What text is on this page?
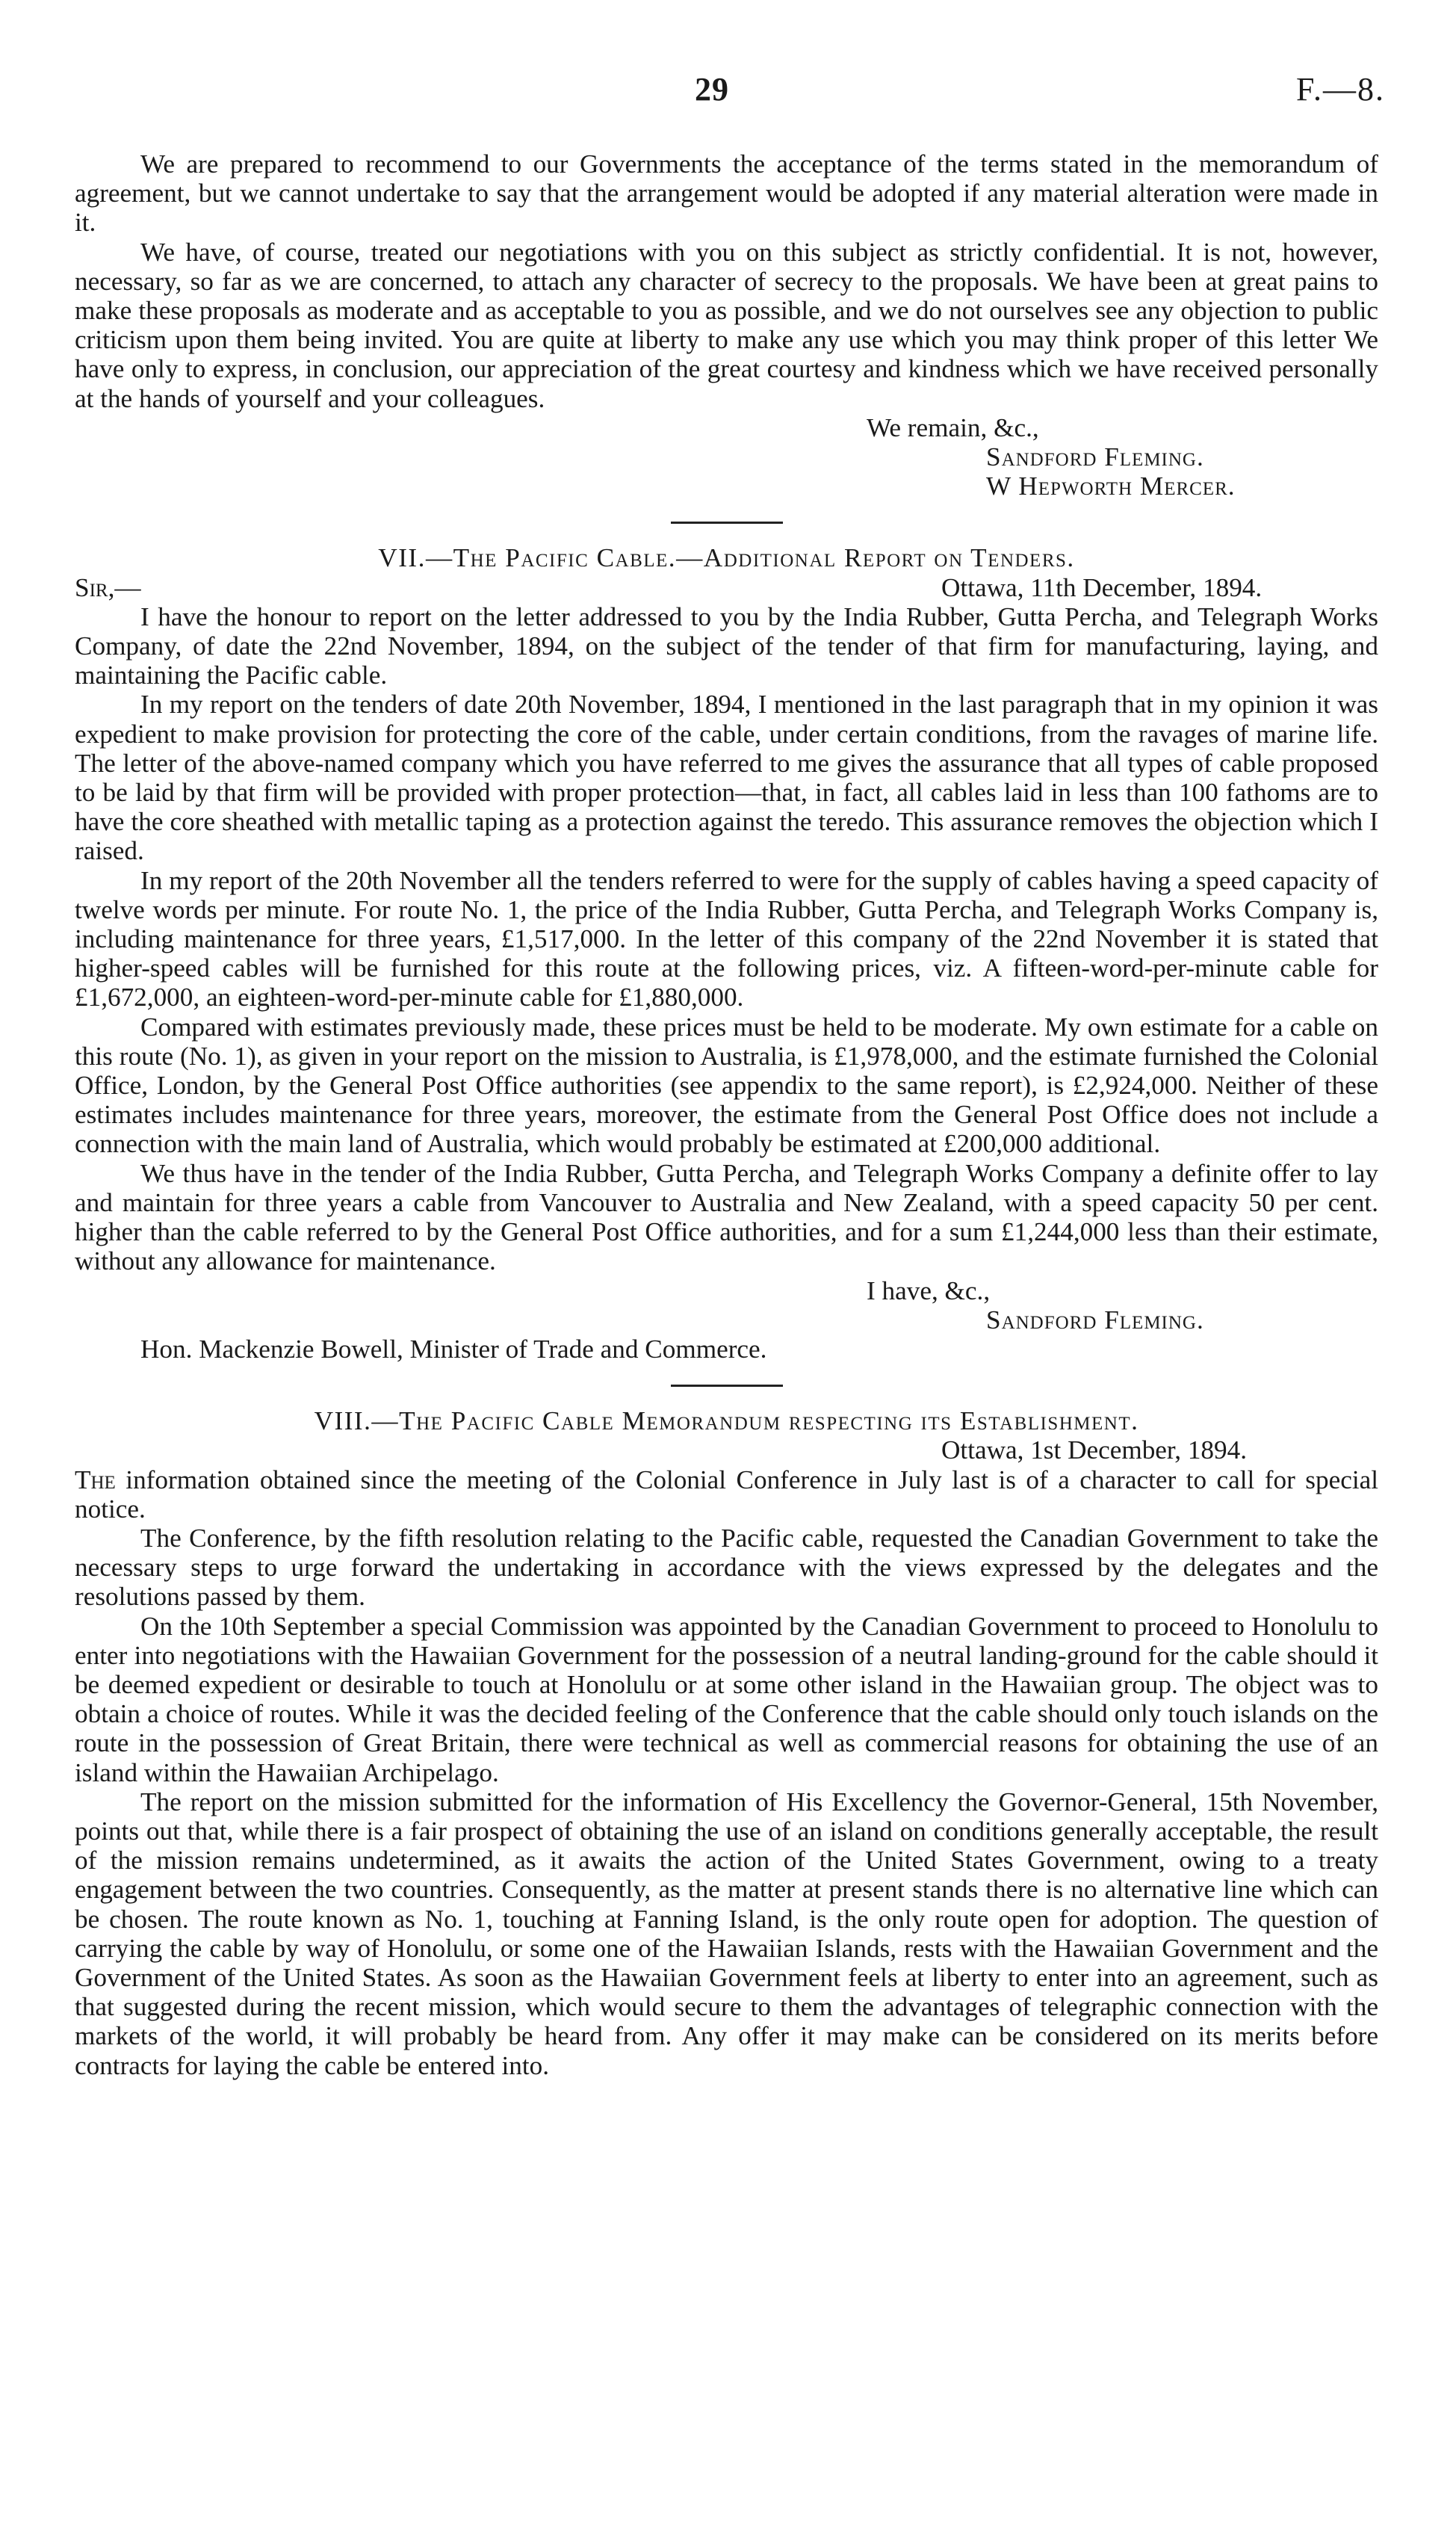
29	F.—8.

We are prepared to recommend to our Governments the acceptance of the terms stated in the memorandum of agreement, but we cannot undertake to say that the arrangement would be adopted if any material alteration were made in it.

We have, of course, treated our negotiations with you on this subject as strictly confidential. It is not, however, necessary, so far as we are concerned, to attach any character of secrecy to the proposals. We have been at great pains to make these proposals as moderate and as acceptable to you as possible, and we do not ourselves see any objection to public criticism upon them being invited. You are quite at liberty to make any use which you may think proper of this letter We have only to express, in conclusion, our appreciation of the great courtesy and kindness which we have received personally at the hands of yourself and your colleagues.

We remain, &c.,

Sandford Fleming.

W Hepworth Mercer.

VII.—The Pacific Cable.—Additional Report on Tenders.

Sir,—	Ottawa, 11th December, 1894.

I have the honour to report on the letter addressed to you by the India Rubber, Gutta Percha, and Telegraph Works Company, of date the 22nd November, 1894, on the subject of the tender of that firm for manufacturing, laying, and maintaining the Pacific cable.

In my report on the tenders of date 20th November, 1894, I mentioned in the last paragraph that in my opinion it was expedient to make provision for protecting the core of the cable, under certain conditions, from the ravages of marine life. The letter of the above-named company which you have referred to me gives the assurance that all types of cable proposed to be laid by that firm will be provided with proper protection—that, in fact, all cables laid in less than 100 fathoms are to have the core sheathed with metallic taping as a protection against the teredo. This assurance removes the objection which I raised.

In my report of the 20th November all the tenders referred to were for the supply of cables having a speed capacity of twelve words per minute. For route No. 1, the price of the India Rubber, Gutta Percha, and Telegraph Works Company is, including maintenance for three years, £1,517,000. In the letter of this company of the 22nd November it is stated that higher-speed cables will be furnished for this route at the following prices, viz. A fifteen-word-per-minute cable for £1,672,000, an eighteen-word-per-minute cable for £1,880,000.

Compared with estimates previously made, these prices must be held to be moderate. My own estimate for a cable on this route (No. 1), as given in your report on the mission to Australia, is £1,978,000, and the estimate furnished the Colonial Office, London, by the General Post Office authorities (see appendix to the same report), is £2,924,000. Neither of these estimates includes maintenance for three years, moreover, the estimate from the General Post Office does not include a connection with the main land of Australia, which would probably be estimated at £200,000 additional.

We thus have in the tender of the India Rubber, Gutta Percha, and Telegraph Works Company a definite offer to lay and maintain for three years a cable from Vancouver to Australia and New Zealand, with a speed capacity 50 per cent. higher than the cable referred to by the General Post Office authorities, and for a sum £1,244,000 less than their estimate, without any allowance for maintenance.

I have, &c.,

Sandford Fleming.

Hon. Mackenzie Bowell, Minister of Trade and Commerce.

VIII.—The Pacific Cable Memorandum respecting its Establishment.

Ottawa, 1st December, 1894.

The information obtained since the meeting of the Colonial Conference in July last is of a character to call for special notice.

The Conference, by the fifth resolution relating to the Pacific cable, requested the Canadian Government to take the necessary steps to urge forward the undertaking in accordance with the views expressed by the delegates and the resolutions passed by them.

On the 10th September a special Commission was appointed by the Canadian Government to proceed to Honolulu to enter into negotiations with the Hawaiian Government for the possession of a neutral landing-ground for the cable should it be deemed expedient or desirable to touch at Honolulu or at some other island in the Hawaiian group. The object was to obtain a choice of routes. While it was the decided feeling of the Conference that the cable should only touch islands on the route in the possession of Great Britain, there were technical as well as commercial reasons for obtaining the use of an island within the Hawaiian Archipelago.

The report on the mission submitted for the information of His Excellency the Governor-General, 15th November, points out that, while there is a fair prospect of obtaining the use of an island on conditions generally acceptable, the result of the mission remains undetermined, as it awaits the action of the United States Government, owing to a treaty engagement between the two countries. Consequently, as the matter at present stands there is no alternative line which can be chosen. The route known as No. 1, touching at Fanning Island, is the only route open for adoption. The question of carrying the cable by way of Honolulu, or some one of the Hawaiian Islands, rests with the Hawaiian Government and the Government of the United States. As soon as the Hawaiian Government feels at liberty to enter into an agreement, such as that suggested during the recent mission, which would secure to them the advantages of telegraphic connection with the markets of the world, it will probably be heard from. Any offer it may make can be considered on its merits before contracts for laying the cable be entered into.
